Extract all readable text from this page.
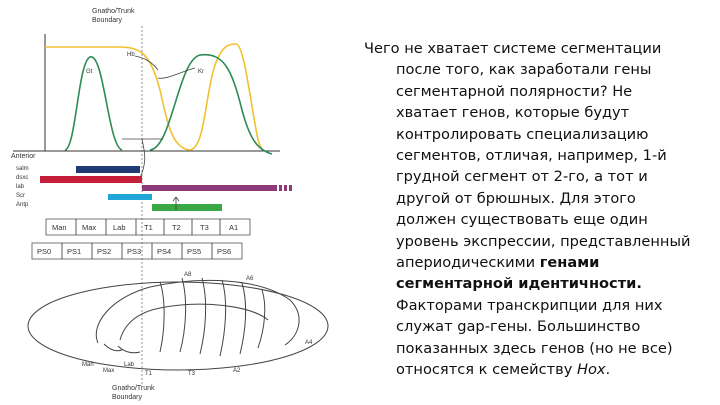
Gnatho/Trunk
Boundary
Hb
Gt	Kr
Anterior
salm
dsxc
lab
Scr
Antp
Man Max Lab T1	T2	T3	A1
PS0 PS1 PS2 PS3 PS4 PS5 PS6
A8
A6
A4
A2
T3
T1
Man
Max
Lab
Gnatho/Trunk
Boundary

Чего не хватает системе сегментации после того, как заработали гены сегментарной полярности? Не хватает генов, которые будут контролировать специализацию сегментов, отличая, например, 1-й грудной сегмент от 2-го, а тот и другой от брюшных. Для этого должен существовать еще один уровень экспрессии, представленный апериодическими генами сегментарной идентичности. Факторами транскрипции для них служат gap-гены. Большинство показанных здесь генов (но не все) относятся к семейству Hox.
